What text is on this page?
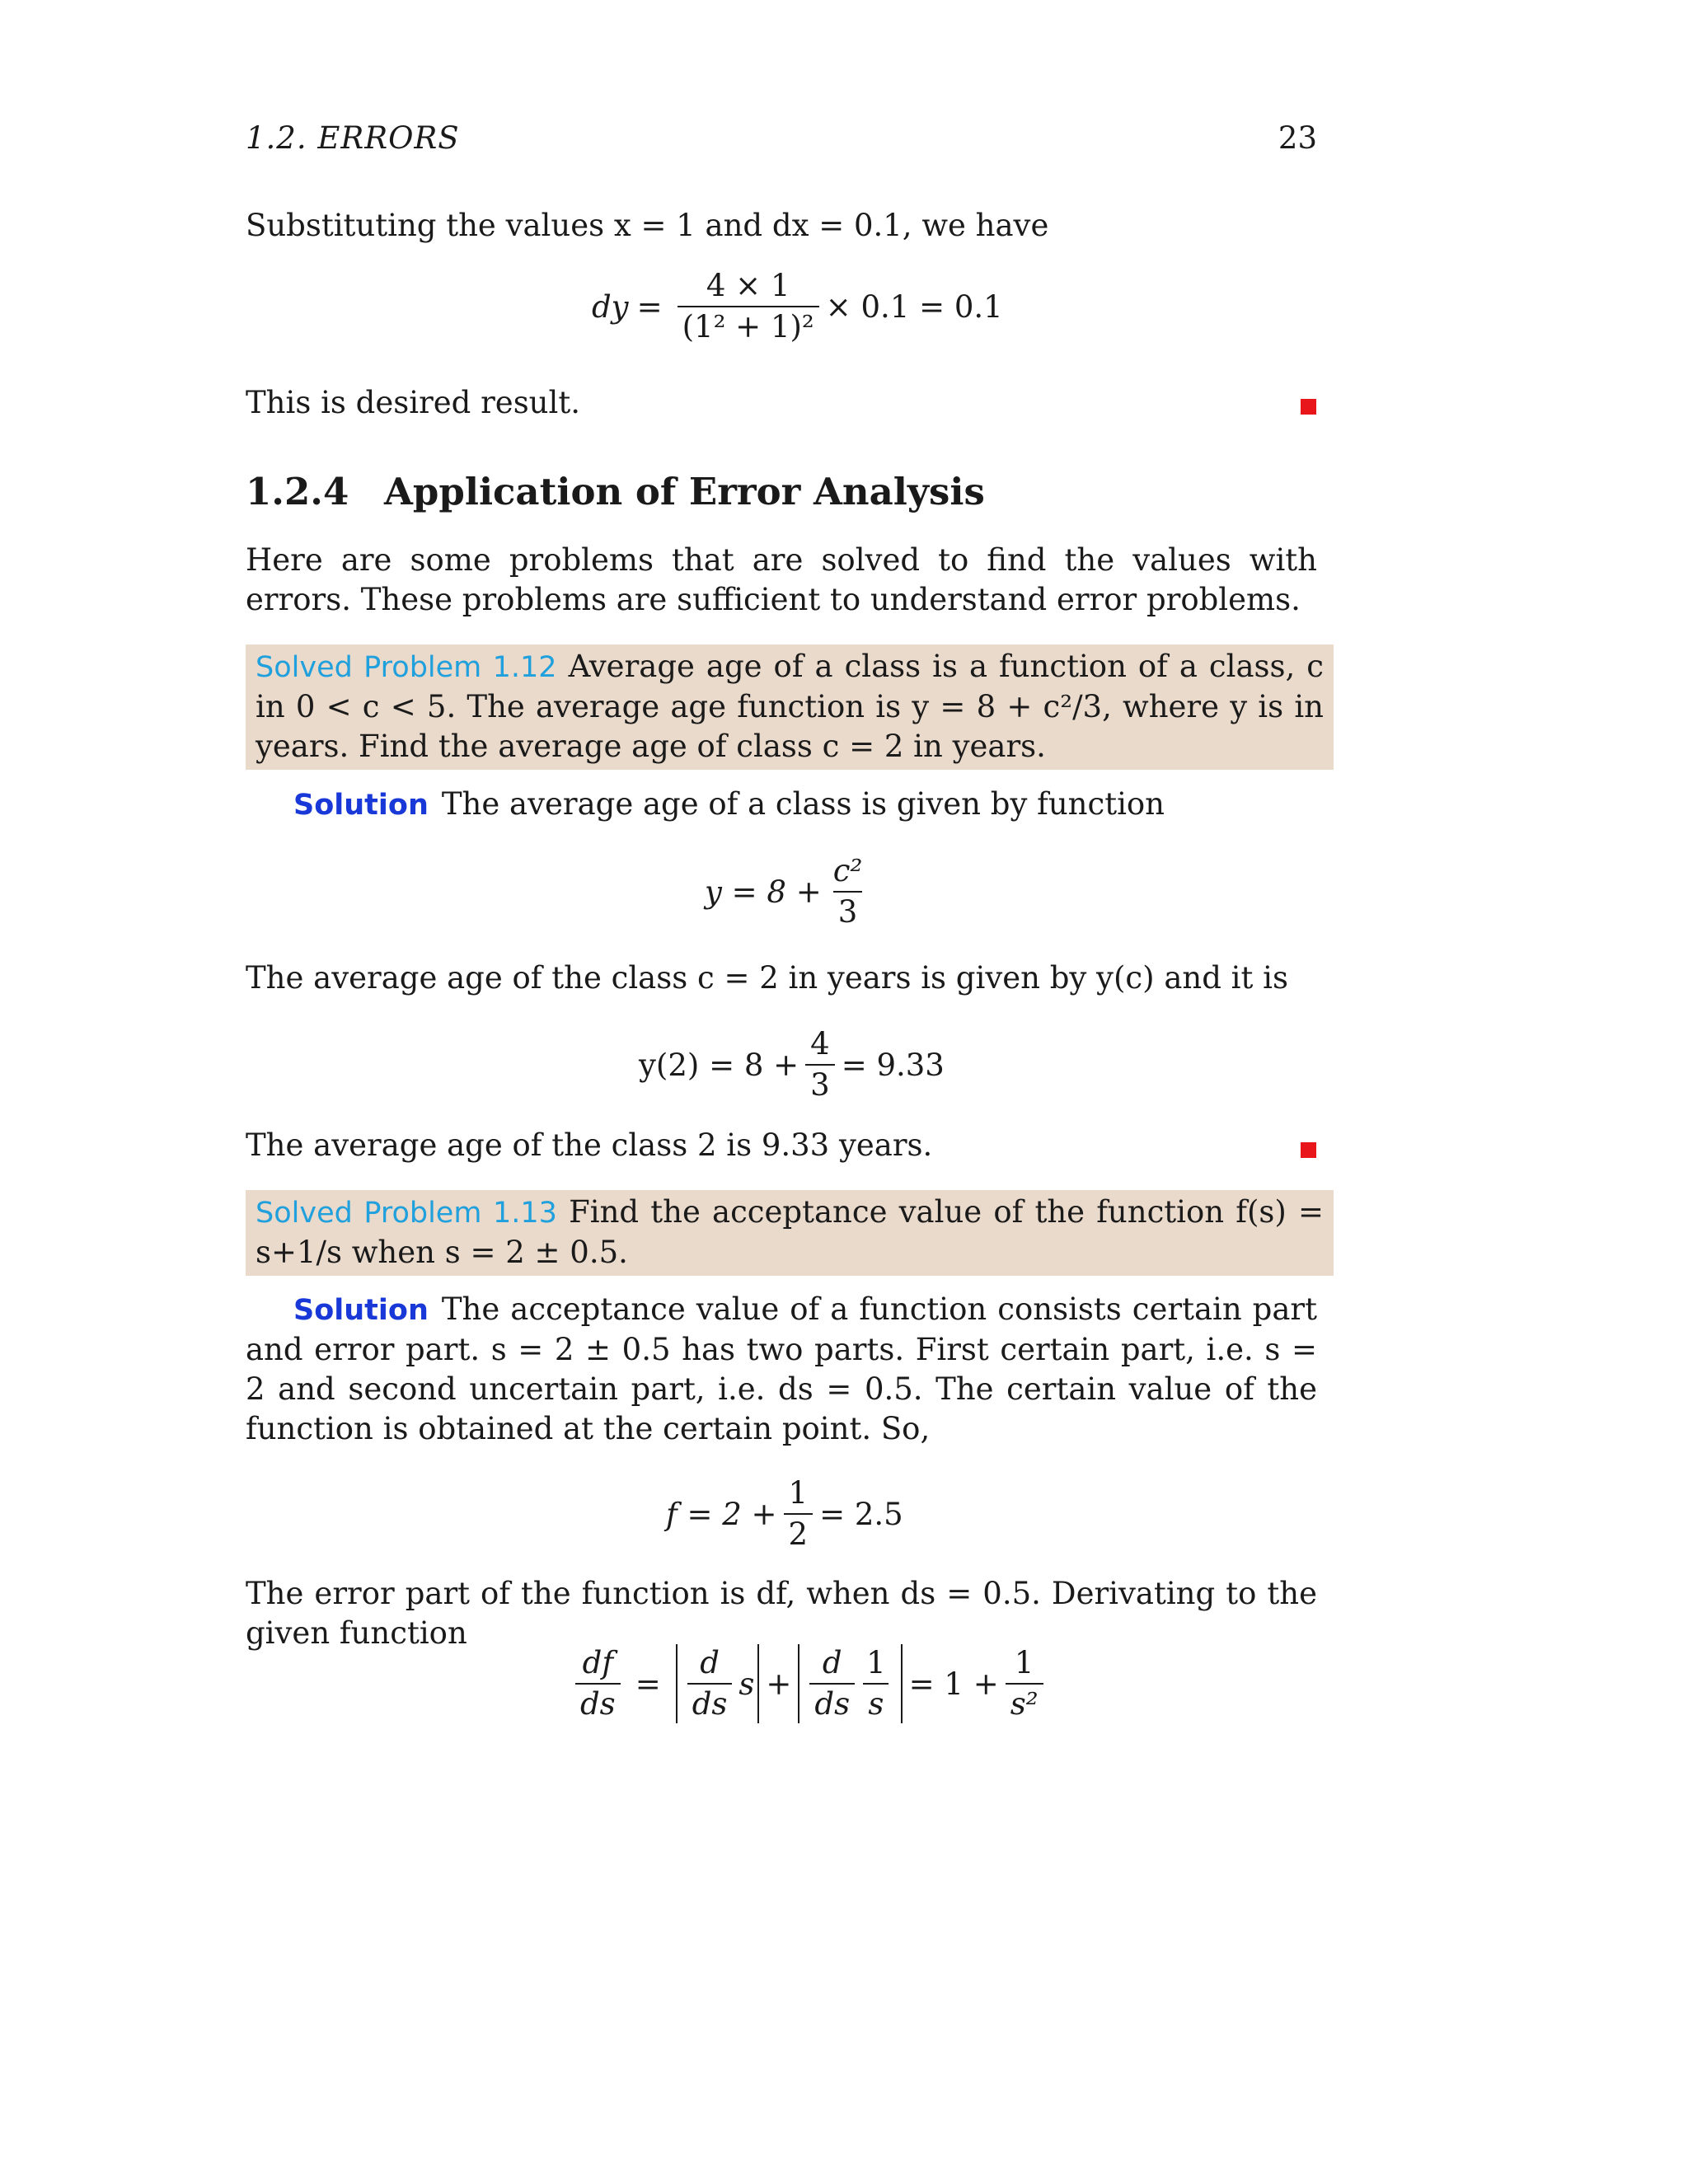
1.2. ERRORS	23
Substituting the values x = 1 and dx = 0.1, we have
dy = $\frac{4 \times 1}{\text{(1² + 1)²}} \times 0.1 = 0.1$
This is desired result.
1.2.4 Application of Error Analysis
Here are some problems that are solved to find the values with errors. These problems are sufficient to understand error problems.
Solved Problem 1.12 Average age of a class is a function of a class, c in 0 < c < 5. The average age function is y = 8 + c²/3, where y is in years. Find the average age of class c = 2 in years.
Solution The average age of a class is given by function
$y = 8 + \frac{\text{c²}}{3}$
The average age of the class c = 2 in years is given by y(c) and it is
$y(2) = 8 + \frac{4}{3} = 9.33$
The average age of the class 2 is 9.33 years.
Solved Problem 1.13 Find the acceptance value of the function f(s) = s+1/s when s = 2 ± 0.5.
Solution The acceptance value of a function consists certain part and error part. s = 2 ± 0.5 has two parts. First certain part, i.e. s = 2 and second uncertain part, i.e. ds = 0.5. The certain value of the function is obtained at the certain point. So,
$f = 2 + \frac{1}{2} = 2.5$
The error part of the function is df, when ds = 0.5. Derivating to the given function
$\frac{df}{ds} = \frac{d}{ds}$ $s + \frac{d}{ds} \frac{1}{s} = 1 + \frac{1}{\text{s²}}$
